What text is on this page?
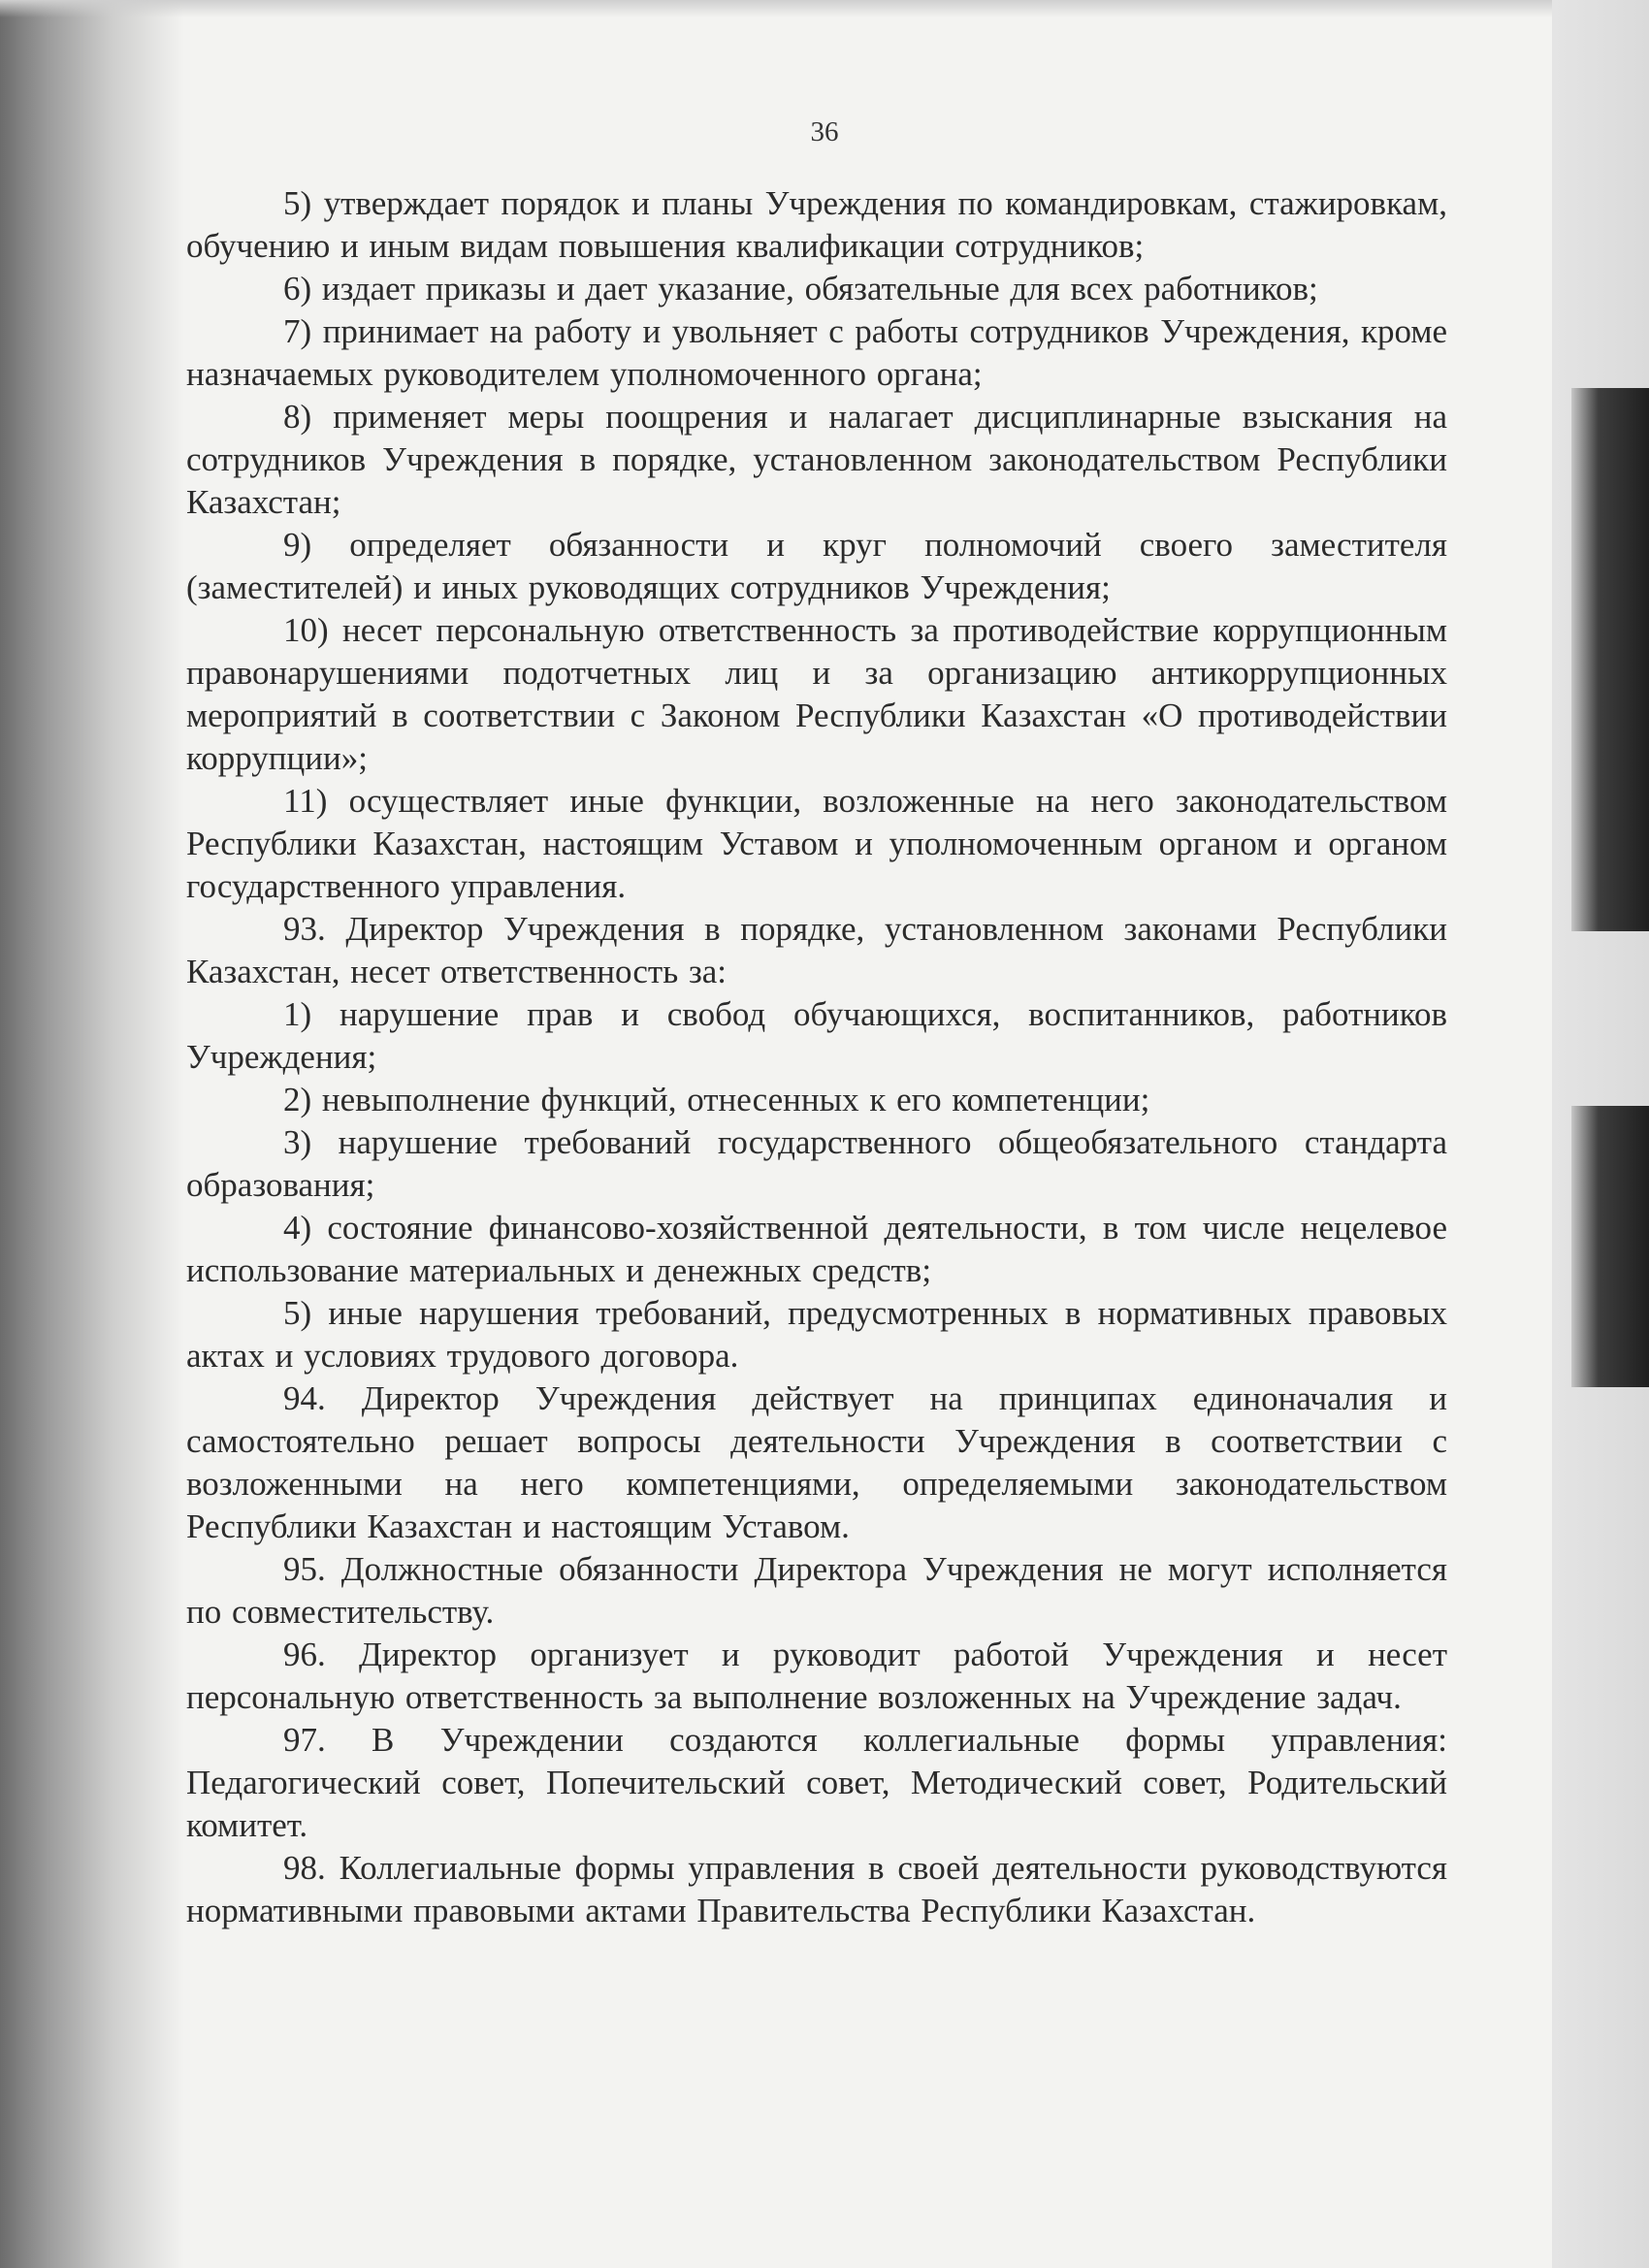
36

5) утверждает порядок и планы Учреждения по командировкам, стажировкам, обучению и иным видам повышения квалификации сотрудников;

6) издает приказы и дает указание, обязательные для всех работников;

7) принимает на работу и увольняет с работы сотрудников Учреждения, кроме назначаемых руководителем уполномоченного органа;

8) применяет меры поощрения и налагает дисциплинарные взыскания на сотрудников Учреждения в порядке, установленном законодательством Республики Казахстан;

9) определяет обязанности и круг полномочий своего заместителя (заместителей) и иных руководящих сотрудников Учреждения;

10) несет персональную ответственность за противодействие коррупционным правонарушениями подотчетных лиц и за организацию антикоррупционных мероприятий в соответствии с Законом Республики Казахстан «О противодействии коррупции»;

11) осуществляет иные функции, возложенные на него законодательством Республики Казахстан, настоящим Уставом и уполномоченным органом и органом государственного управления.

93. Директор Учреждения в порядке, установленном законами Республики Казахстан, несет ответственность за:

1) нарушение прав и свобод обучающихся, воспитанников, работников Учреждения;

2) невыполнение функций, отнесенных к его компетенции;

3) нарушение требований государственного общеобязательного стандарта образования;

4) состояние финансово-хозяйственной деятельности, в том числе нецелевое использование материальных и денежных средств;

5) иные нарушения требований, предусмотренных в нормативных правовых актах и условиях трудового договора.

94. Директор Учреждения действует на принципах единоначалия и самостоятельно решает вопросы деятельности Учреждения в соответствии с возложенными на него компетенциями, определяемыми законодательством Республики Казахстан и настоящим Уставом.

95. Должностные обязанности Директора Учреждения не могут исполняется по совместительству.

96. Директор организует и руководит работой Учреждения и несет персональную ответственность за выполнение возложенных на Учреждение задач.

97. В Учреждении создаются коллегиальные формы управления: Педагогический совет, Попечительский совет, Методический совет, Родительский комитет.

98. Коллегиальные формы управления в своей деятельности руководствуются нормативными правовыми актами Правительства Республики Казахстан.
